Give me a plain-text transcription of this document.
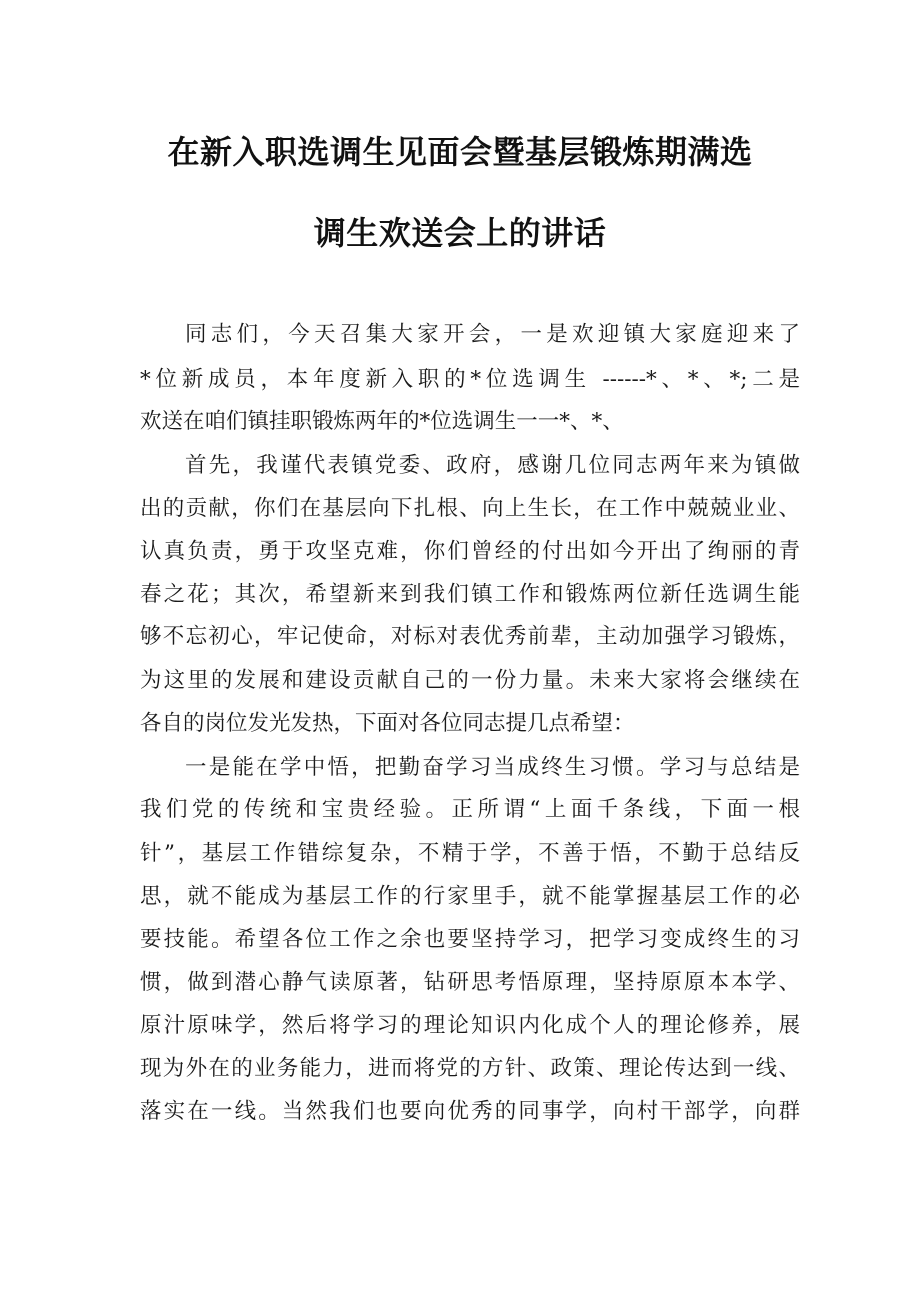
在新入职选调生见面会暨基层锻炼期满选
调生欢送会上的讲话
同志们，今天召集大家开会，一是欢迎镇大家庭迎来了
*位新成员，本年度新入职的*位选调生 ------*、*、*;二是
欢送在咱们镇挂职锻炼两年的*位选调生一一*、*、
首先，我谨代表镇党委、政府，感谢几位同志两年来为镇做
出的贡献，你们在基层向下扎根、向上生长，在工作中兢兢业业、
认真负责，勇于攻坚克难，你们曾经的付出如今开出了绚丽的青
春之花；其次，希望新来到我们镇工作和锻炼两位新任选调生能
够不忘初心，牢记使命，对标对表优秀前辈，主动加强学习锻炼，
为这里的发展和建设贡献自己的一份力量。未来大家将会继续在
各自的岗位发光发热，下面对各位同志提几点希望：
一是能在学中悟，把勤奋学习当成终生习惯。学习与总结是
我们党的传统和宝贵经验。正所谓“上面千条线，下面一根
针”，基层工作错综复杂，不精于学，不善于悟，不勤于总结反
思，就不能成为基层工作的行家里手，就不能掌握基层工作的必
要技能。希望各位工作之余也要坚持学习，把学习变成终生的习
惯，做到潜心静气读原著，钻研思考悟原理，坚持原原本本学、
原汁原味学，然后将学习的理论知识内化成个人的理论修养，展
现为外在的业务能力，进而将党的方针、政策、理论传达到一线、
落实在一线。当然我们也要向优秀的同事学，向村干部学，向群
